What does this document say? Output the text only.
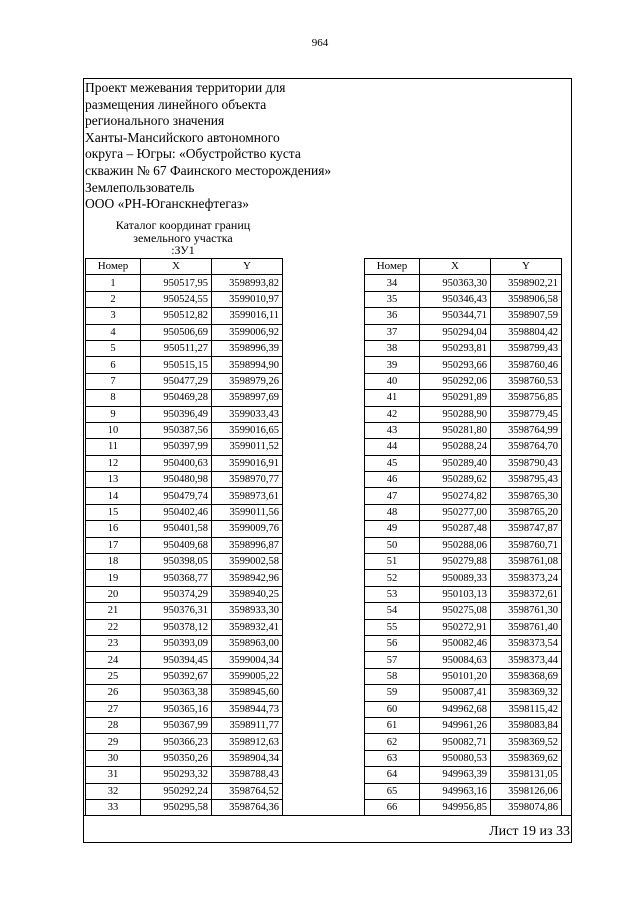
964
Проект межевания территории для
размещения линейного объекта
регионального значения
Ханты-Мансийского автономного
округа – Югры: «Обустройство куста
скважин № 67 Фаинского месторождения»
Землепользователь
ООО «РН-Юганскнефтегаз»
Каталог координат границ
земельного участка
:ЗУ1
Номер	X	Y
1	950517,95	3598993,82
2	950524,55	3599010,97
3	950512,82	3599016,11
4	950506,69	3599006,92
5	950511,27	3598996,39
6	950515,15	3598994,90
7	950477,29	3598979,26
8	950469,28	3598997,69
9	950396,49	3599033,43
10	950387,56	3599016,65
11	950397,99	3599011,52
12	950400,63	3599016,91
13	950480,98	3598970,77
14	950479,74	3598973,61
15	950402,46	3599011,56
16	950401,58	3599009,76
17	950409,68	3598996,87
18	950398,05	3599002,58
19	950368,77	3598942,96
20	950374,29	3598940,25
21	950376,31	3598933,30
22	950378,12	3598932,41
23	950393,09	3598963,00
24	950394,45	3599004,34
25	950392,67	3599005,22
26	950363,38	3598945,60
27	950365,16	3598944,73
28	950367,99	3598911,77
29	950366,23	3598912,63
30	950350,26	3598904,34
31	950293,32	3598788,43
32	950292,24	3598764,52
33	950295,58	3598764,36
Номер	X	Y
34	950363,30	3598902,21
35	950346,43	3598906,58
36	950344,71	3598907,59
37	950294,04	3598804,42
38	950293,81	3598799,43
39	950293,66	3598760,46
40	950292,06	3598760,53
41	950291,89	3598756,85
42	950288,90	3598779,45
43	950281,80	3598764,99
44	950288,24	3598764,70
45	950289,40	3598790,43
46	950289,62	3598795,43
47	950274,82	3598765,30
48	950277,00	3598765,20
49	950287,48	3598747,87
50	950288,06	3598760,71
51	950279,88	3598761,08
52	950089,33	3598373,24
53	950103,13	3598372,61
54	950275,08	3598761,30
55	950272,91	3598761,40
56	950082,46	3598373,54
57	950084,63	3598373,44
58	950101,20	3598368,69
59	950087,41	3598369,32
60	949962,68	3598115,42
61	949961,26	3598083,84
62	950082,71	3598369,52
63	950080,53	3598369,62
64	949963,39	3598131,05
65	949963,16	3598126,06
66	949956,85	3598074,86
Лист 19 из 33
